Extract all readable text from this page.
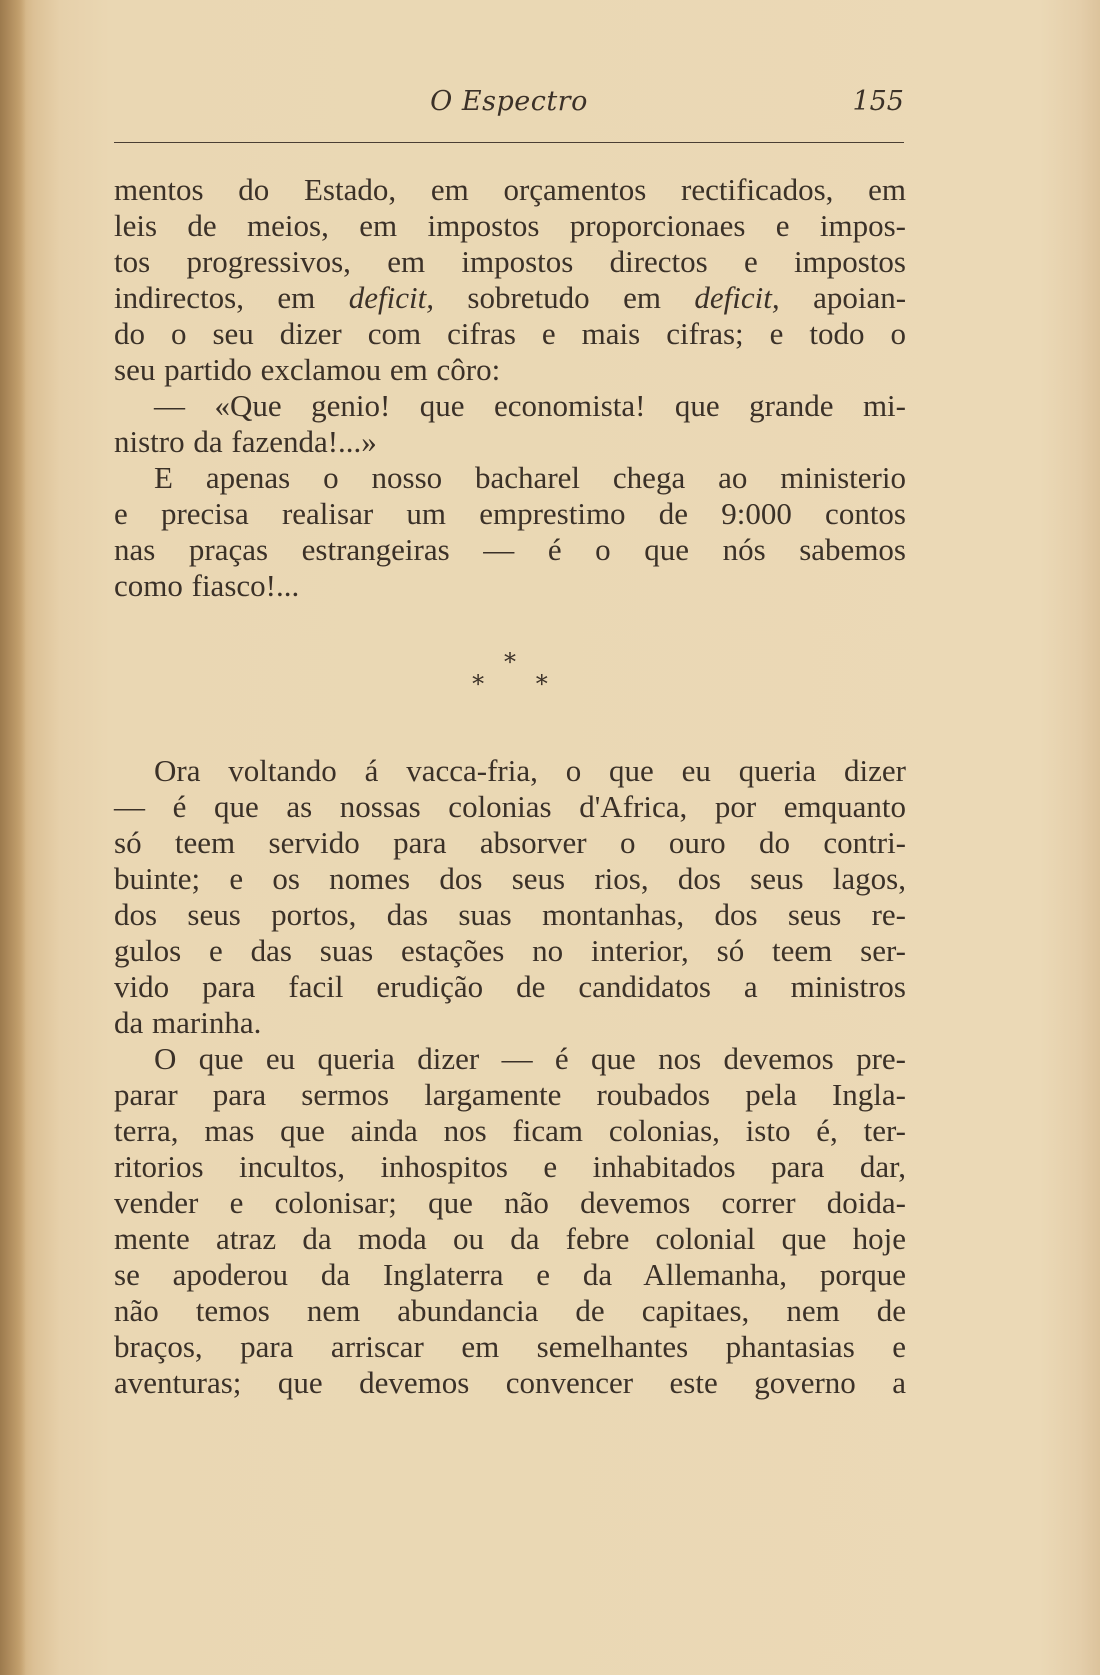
O Espectro	155
mentos do Estado, em orçamentos rectificados, em
leis de meios, em impostos proporcionaes e impos-
tos progressivos, em impostos directos e impostos
indirectos, em deficit, sobretudo em deficit, apoian-
do o seu dizer com cifras e mais cifras; e todo o
seu partido exclamou em côro:
— «Que genio! que economista! que grande mi-
nistro da fazenda!...»
E apenas o nosso bacharel chega ao ministerio
e precisa realisar um emprestimo de 9:000 contos
nas praças estrangeiras — é o que nós sabemos
como fiasco!...
*
* *
Ora voltando á vacca-fria, o que eu queria dizer
— é que as nossas colonias d'Africa, por emquanto
só teem servido para absorver o ouro do contri-
buinte; e os nomes dos seus rios, dos seus lagos,
dos seus portos, das suas montanhas, dos seus re-
gulos e das suas estações no interior, só teem ser-
vido para facil erudição de candidatos a ministros
da marinha.
O que eu queria dizer — é que nos devemos pre-
parar para sermos largamente roubados pela Ingla-
terra, mas que ainda nos ficam colonias, isto é, ter-
ritorios incultos, inhospitos e inhabitados para dar,
vender e colonisar; que não devemos correr doida-
mente atraz da moda ou da febre colonial que hoje
se apoderou da Inglaterra e da Allemanha, porque
não temos nem abundancia de capitaes, nem de
braços, para arriscar em semelhantes phantasias e
aventuras; que devemos convencer este governo a
